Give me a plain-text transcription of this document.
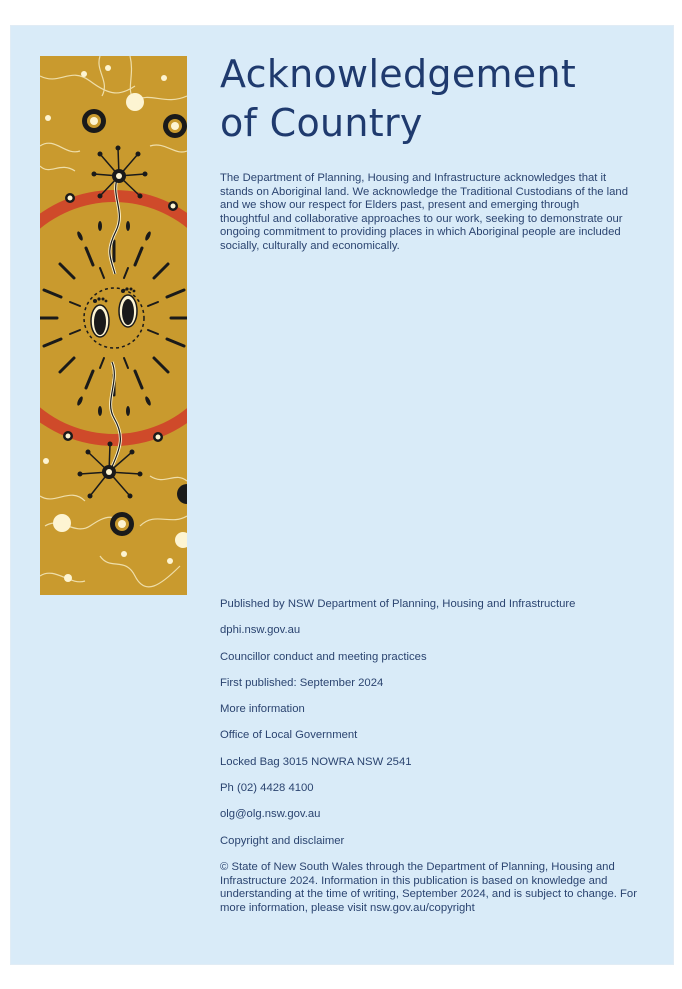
Acknowledgement
of Country

The Department of Planning, Housing and Infrastructure acknowledges that it stands on Aboriginal land. We acknowledge the Traditional Custodians of the land and we show our respect for Elders past, present and emerging through thoughtful and collaborative approaches to our work, seeking to demonstrate our ongoing commitment to providing places in which Aboriginal people are included socially, culturally and economically.

Published by NSW Department of Planning, Housing and Infrastructure
dphi.nsw.gov.au
Councillor conduct and meeting practices
First published: September 2024
More information
Office of Local Government
Locked Bag 3015 NOWRA NSW 2541
Ph (02) 4428 4100
olg@olg.nsw.gov.au
Copyright and disclaimer

© State of New South Wales through the Department of Planning, Housing and Infrastructure 2024. Information in this publication is based on knowledge and understanding at the time of writing, September 2024, and is subject to change. For more information, please visit nsw.gov.au/copyright
